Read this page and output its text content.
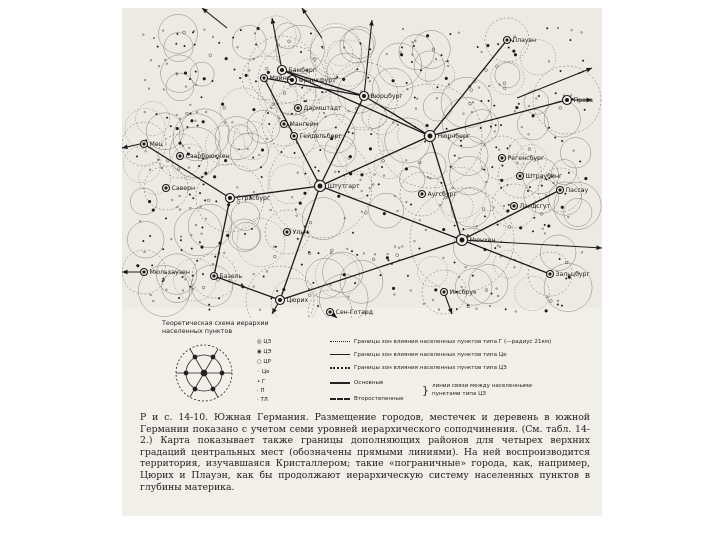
Плауэн
Бамберг
Прага
Вюрцбург
Франкфурт
Майнц
Дармштадт
Мангейм
Гейдельберг
Мец
Саарбрюккен
Нюрнберг
Регенсбург
Штраубинг
Пассау
Ландсгут
Страсбург
Саверн	Штутгарт
Ульм
Аугсбург
Мюнхен
Зальцбург
Мюльхаузен
Базель
Цюрих
Сен-Готард
Инсбрук
Теоретическая схема иерархии населенных пунктов
◎ ЦЗ
◉ ЦЭ
○ ЦР
◦ Це
• Г
· П
· ТЛ
Границы зон влияния населенных пунктов типа Г (—радиус 21км)
Границы зон влияния населенных пунктов типа Це
Границы зон влияния населенных пунктов типа ЦЗ
Основные
Второстепенные
} линии связи между населенными пунктами типа ЦЗ
Р и с. 14-10. Южная Германия. Размещение городов, местечек и деревень в южной Германии показано с учетом семи уровней иерархического соподчинения. (См. табл. 14-2.) Карта показывает также границы дополняющих районов для четырех верхних градаций центральных мест (обозначены прямыми линиями). На ней воспроизводится территория, изучавшаяся Кристаллером; такие «пограничные» города, как, например, Цюрих и Плауэн, как бы продолжают иерархическую систему населенных пунктов в глубины материка.
